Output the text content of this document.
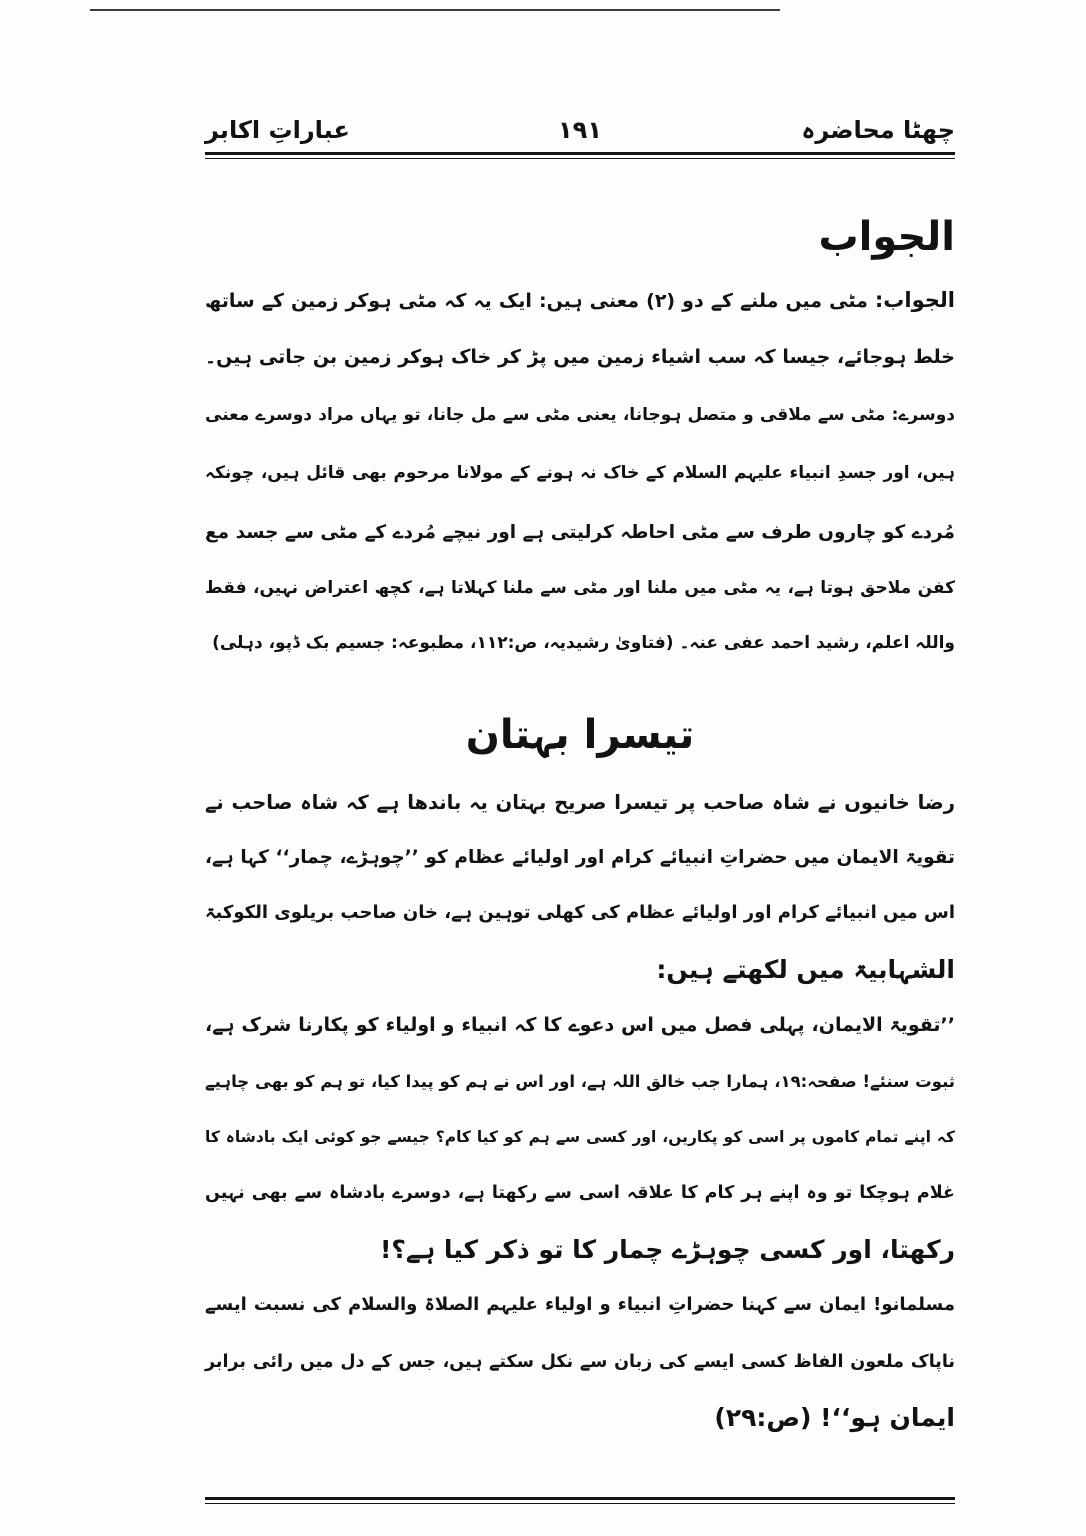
چھٹا محاضرہ
۱۹۱
عباراتِ اکابر
الجواب
الجواب: مٹی میں ملنے کے دو (۲) معنی ہیں: ایک یہ کہ مٹی ہوکر زمین کے ساتھ
خلط ہوجائے، جیسا کہ سب اشیاء زمین میں پڑ کر خاک ہوکر زمین بن جاتی ہیں۔
دوسرے: مٹی سے ملاقی و متصل ہوجانا، یعنی مٹی سے مل جانا، تو یہاں مراد دوسرے معنی
ہیں، اور جسدِ انبیاء علیہم السلام کے خاک نہ ہونے کے مولانا مرحوم بھی قائل ہیں، چونکہ
مُردے کو چاروں طرف سے مٹی احاطہ کرلیتی ہے اور نیچے مُردے کے مٹی سے جسد مع
کفن ملاحق ہوتا ہے، یہ مٹی میں ملنا اور مٹی سے ملنا کہلاتا ہے، کچھ اعتراض نہیں، فقط
واللہ اعلم، رشید احمد عفی عنہ۔ (فتاویٰ رشیدیہ، ص:۱۱۲، مطبوعہ: جسیم بک ڈپو، دہلی)
تیسرا بہتان
رضا خانیوں نے شاہ صاحب پر تیسرا صریح بہتان یہ باندھا ہے کہ شاہ صاحب نے
تقویۃ الایمان میں حضراتِ انبیائے کرام اور اولیائے عظام کو ’’چوہڑے، چمار‘‘ کہا ہے،
اس میں انبیائے کرام اور اولیائے عظام کی کھلی توہین ہے، خان صاحب بریلوی الکوکبۃ
الشہابیۃ میں لکھتے ہیں:
’’تقویۃ الایمان، پہلی فصل میں اس دعوے کا کہ انبیاء و اولیاء کو پکارنا شرک ہے،
ثبوت سنئے! صفحہ:۱۹، ہمارا جب خالق اللہ ہے، اور اس نے ہم کو پیدا کیا، تو ہم کو بھی چاہیے
کہ اپنے تمام کاموں پر اسی کو پکاریں، اور کسی سے ہم کو کیا کام؟ جیسے جو کوئی ایک بادشاہ کا
غلام ہوچکا تو وہ اپنے ہر کام کا علاقہ اسی سے رکھتا ہے، دوسرے بادشاہ سے بھی نہیں
رکھتا، اور کسی چوہڑے چمار کا تو ذکر کیا ہے؟!
مسلمانو! ایمان سے کہنا حضراتِ انبیاء و اولیاء علیہم الصلاۃ والسلام کی نسبت ایسے
ناپاک ملعون الفاظ کسی ایسے کی زبان سے نکل سکتے ہیں، جس کے دل میں رائی برابر
ایمان ہو‘‘! (ص:۲۹)
